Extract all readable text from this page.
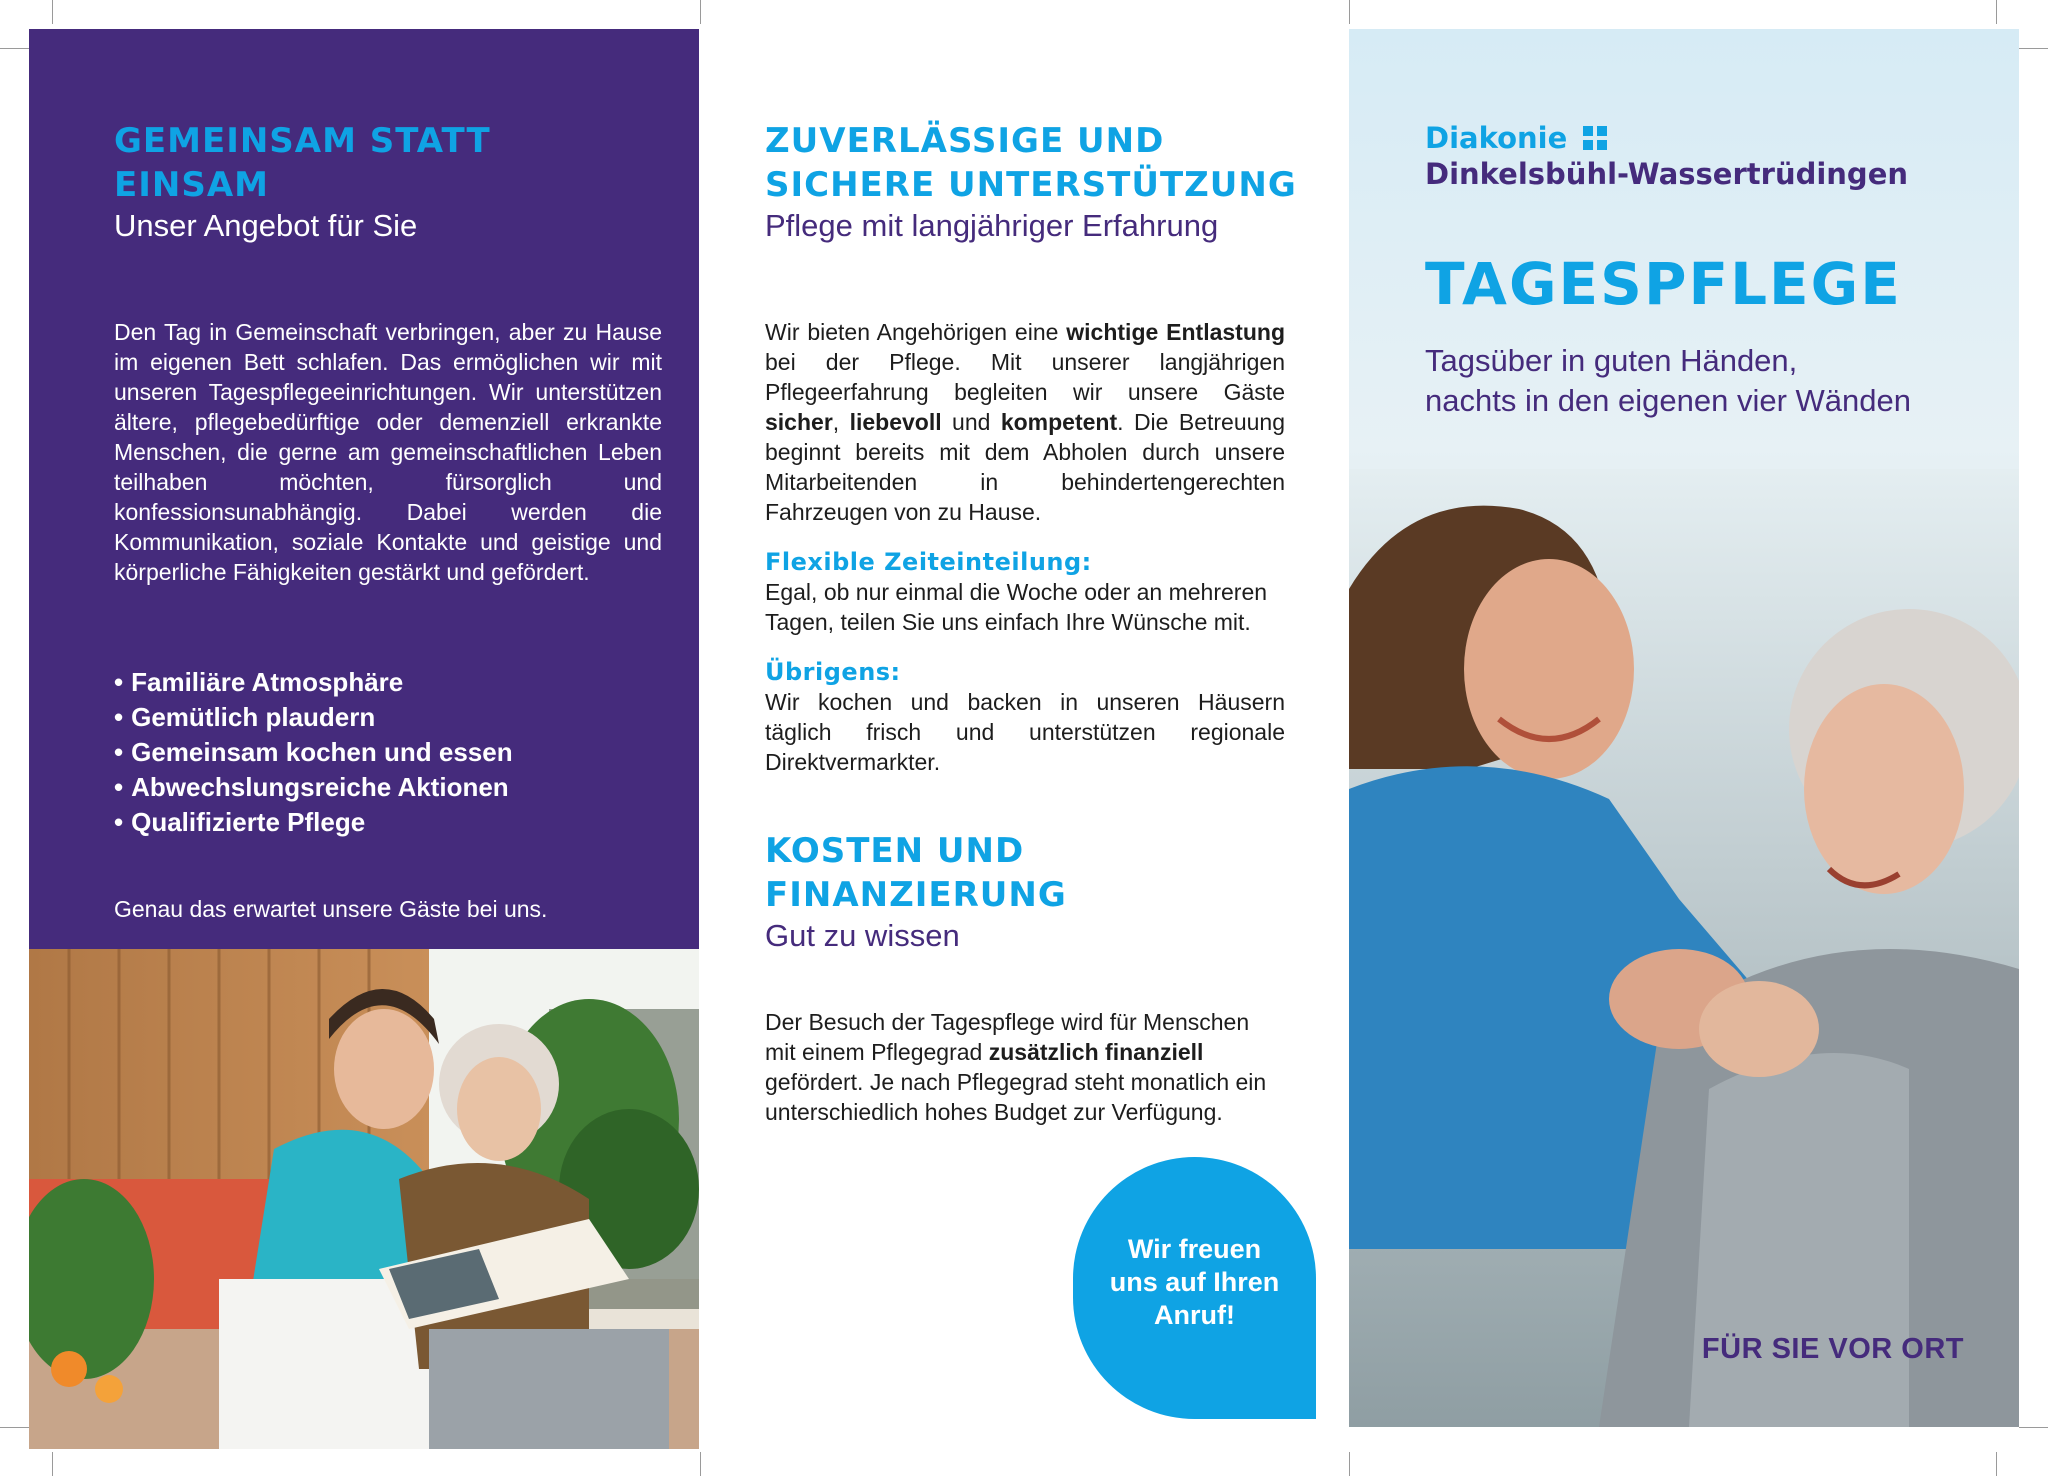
GEMEINSAM STATT
EINSAM
Unser Angebot für Sie
Den Tag in Gemeinschaft verbringen, aber zu Hause im eigenen Bett schlafen. Das ermöglichen wir mit unseren Tagespflegeeinrichtungen. Wir unterstützen ältere, pflegebedürftige oder demenziell erkrankte Menschen, die gerne am gemeinschaftlichen Leben teilhaben möchten, fürsorglich und konfessionsunabhängig. Dabei werden die Kommunikation, soziale Kontakte und geistige und körperliche Fähigkeiten gestärkt und gefördert.
• Familiäre Atmosphäre
• Gemütlich plaudern
• Gemeinsam kochen und essen
• Abwechslungsreiche Aktionen
• Qualifizierte Pflege
Genau das erwartet unsere Gäste bei uns.
ZUVERLÄSSIGE UND
SICHERE UNTERSTÜTZUNG
Pflege mit langjähriger Erfahrung
Wir bieten Angehörigen eine wichtige Entlastung bei der Pflege. Mit unserer langjährigen Pflegeerfahrung begleiten wir unsere Gäste sicher, liebevoll und kompetent. Die Betreuung beginnt bereits mit dem Abholen durch unsere Mitarbeitenden in behindertengerechten Fahrzeugen von zu Hause.
Flexible Zeiteinteilung:
Egal, ob nur einmal die Woche oder an mehreren Tagen, teilen Sie uns einfach Ihre Wünsche mit.
Übrigens:
Wir kochen und backen in unseren Häusern täglich frisch und unterstützen regionale Direktvermarkter.
KOSTEN UND
FINANZIERUNG
Gut zu wissen
Der Besuch der Tagespflege wird für Menschen mit einem Pflegegrad zusätzlich finanziell gefördert. Je nach Pflegegrad steht monatlich ein unterschiedlich hohes Budget zur Verfügung.
Wir freuen
uns auf Ihren
Anruf!
Diakonie
Dinkelsbühl-Wassertrüdingen
TAGESPFLEGE
Tagsüber in guten Händen,
nachts in den eigenen vier Wänden
FÜR SIE VOR ORT
